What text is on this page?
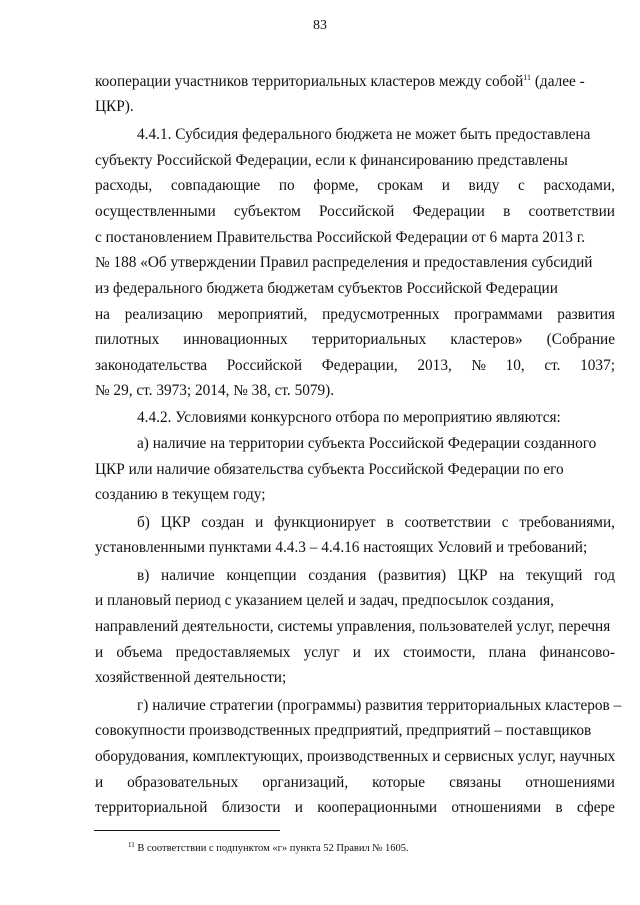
83
кооперации участников территориальных кластеров между собой$^{11}$ (далее -
ЦКР).
4.4.1. Субсидия федерального бюджета не может быть предоставлена
субъекту Российской Федерации, если к финансированию представлены
расходы, совпадающие по форме, срокам и виду с расходами,
осуществленными субъектом Российской Федерации в соответствии
с постановлением Правительства Российской Федерации от 6 марта 2013 г.
№ 188 «Об утверждении Правил распределения и предоставления субсидий
из федерального бюджета бюджетам субъектов Российской Федерации
на реализацию мероприятий, предусмотренных программами развития
пилотных инновационных территориальных кластеров» (Собрание
законодательства Российской Федерации, 2013, № 10, ст. 1037;
№ 29, ст. 3973; 2014, № 38, ст. 5079).
4.4.2. Условиями конкурсного отбора по мероприятию являются:
а) наличие на территории субъекта Российской Федерации созданного
ЦКР или наличие обязательства субъекта Российской Федерации по его
созданию в текущем году;
б) ЦКР создан и функционирует в соответствии с требованиями,
установленными пунктами 4.4.3 – 4.4.16 настоящих Условий и требований;
в) наличие концепции создания (развития) ЦКР на текущий год
и плановый период с указанием целей и задач, предпосылок создания,
направлений деятельности, системы управления, пользователей услуг, перечня
и объема предоставляемых услуг и их стоимости, плана финансово-
хозяйственной деятельности;
г) наличие стратегии (программы) развития территориальных кластеров –
совокупности производственных предприятий, предприятий – поставщиков
оборудования, комплектующих, производственных и сервисных услуг, научных
и образовательных организаций, которые связаны отношениями
территориальной близости и кооперационными отношениями в сфере
$^{11}$ В соответствии с подпунктом «г» пункта 52 Правил № 1605.
